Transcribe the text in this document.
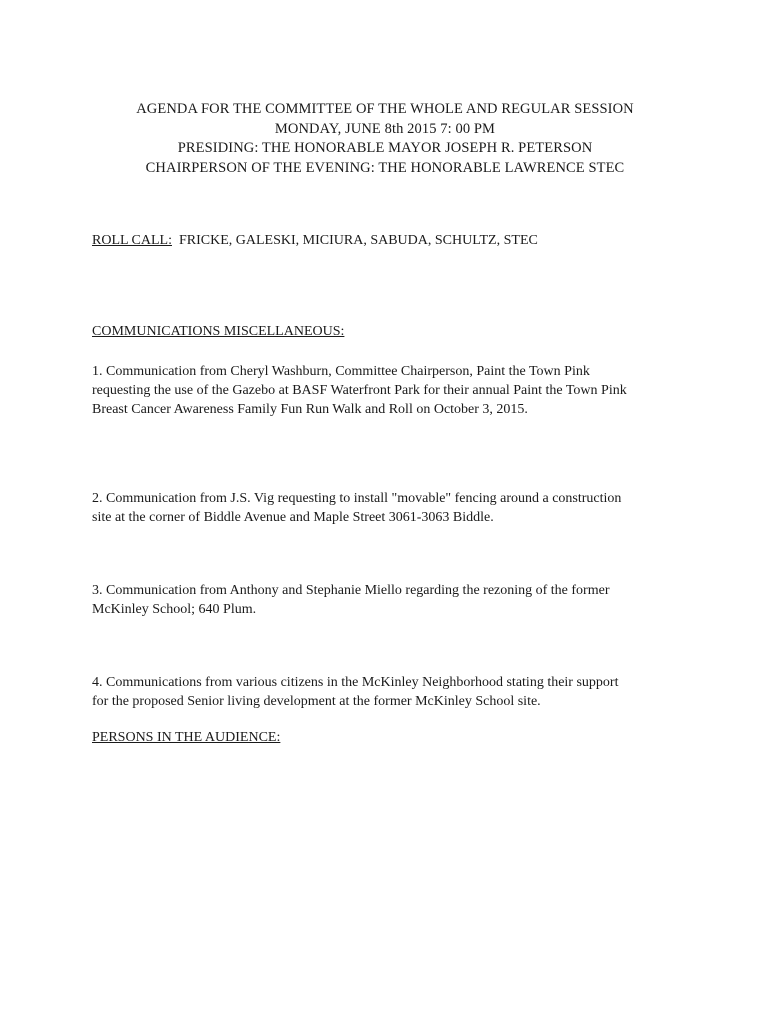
AGENDA FOR THE COMMITTEE OF THE WHOLE AND REGULAR SESSION
MONDAY, JUNE 8th 2015 7: 00 PM
PRESIDING: THE HONORABLE MAYOR JOSEPH R. PETERSON
CHAIRPERSON OF THE EVENING: THE HONORABLE LAWRENCE STEC
ROLL CALL:  FRICKE, GALESKI, MICIURA, SABUDA, SCHULTZ, STEC
COMMUNICATIONS MISCELLANEOUS:

1. Communication from Cheryl Washburn, Committee Chairperson, Paint the Town Pink

requesting the use of the Gazebo at BASF Waterfront Park for their annual Paint the Town Pink

Breast Cancer Awareness Family Fun Run Walk and Roll on October 3, 2015.

2. Communication from J.S. Vig requesting to install "movable" fencing around a construction

site at the corner of Biddle Avenue and Maple Street 3061-3063 Biddle.

3. Communication from Anthony and Stephanie Miello regarding the rezoning of the former

McKinley School; 640 Plum.

4. Communications from various citizens in the McKinley Neighborhood stating their support

for the proposed Senior living development at the former McKinley School site.

PERSONS IN THE AUDIENCE:
